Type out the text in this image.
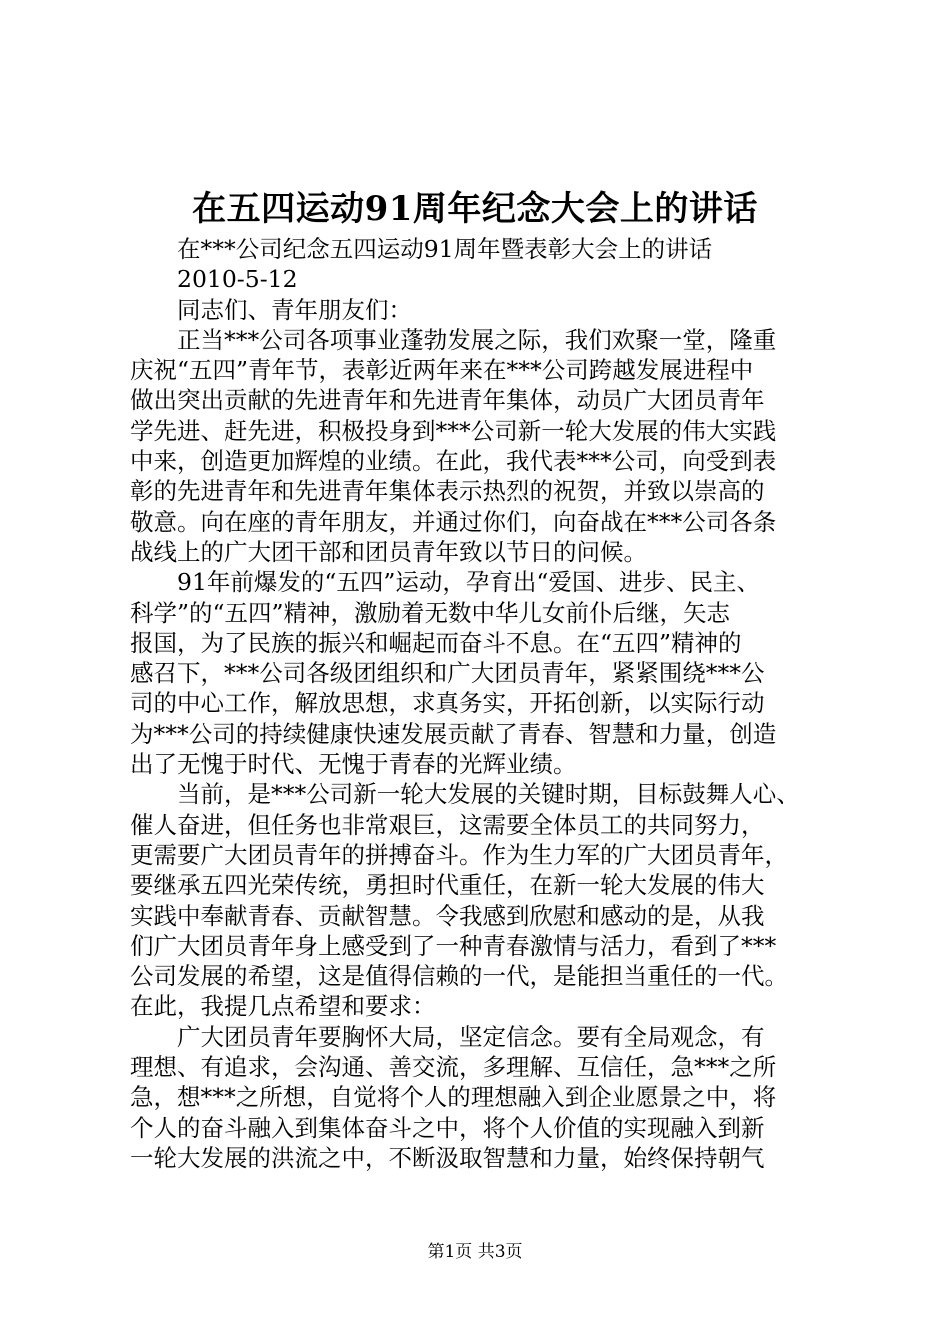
在五四运动91周年纪念大会上的讲话
在***公司纪念五四运动91周年暨表彰大会上的讲话
2010-5-12
同志们、青年朋友们：
正当***公司各项事业蓬勃发展之际，我们欢聚一堂，隆重
庆祝“五四”青年节，表彰近两年来在***公司跨越发展进程中
做出突出贡献的先进青年和先进青年集体，动员广大团员青年
学先进、赶先进，积极投身到***公司新一轮大发展的伟大实践
中来，创造更加辉煌的业绩。在此，我代表***公司，向受到表
彰的先进青年和先进青年集体表示热烈的祝贺，并致以崇高的
敬意。向在座的青年朋友，并通过你们，向奋战在***公司各条
战线上的广大团干部和团员青年致以节日的问候。
91年前爆发的“五四”运动，孕育出“爱国、进步、民主、
科学”的“五四”精神，激励着无数中华儿女前仆后继，矢志
报国，为了民族的振兴和崛起而奋斗不息。在“五四”精神的
感召下，***公司各级团组织和广大团员青年，紧紧围绕***公
司的中心工作，解放思想，求真务实，开拓创新，以实际行动
为***公司的持续健康快速发展贡献了青春、智慧和力量，创造
出了无愧于时代、无愧于青春的光辉业绩。
当前，是***公司新一轮大发展的关键时期，目标鼓舞人心、
催人奋进，但任务也非常艰巨，这需要全体员工的共同努力，
更需要广大团员青年的拼搏奋斗。作为生力军的广大团员青年，
要继承五四光荣传统，勇担时代重任，在新一轮大发展的伟大
实践中奉献青春、贡献智慧。令我感到欣慰和感动的是，从我
们广大团员青年身上感受到了一种青春激情与活力，看到了***
公司发展的希望，这是值得信赖的一代，是能担当重任的一代。
在此，我提几点希望和要求：
广大团员青年要胸怀大局，坚定信念。要有全局观念，有
理想、有追求，会沟通、善交流，多理解、互信任，急***之所
急，想***之所想，自觉将个人的理想融入到企业愿景之中，将
个人的奋斗融入到集体奋斗之中，将个人价值的实现融入到新
一轮大发展的洪流之中，不断汲取智慧和力量，始终保持朝气
第1页 共3页
